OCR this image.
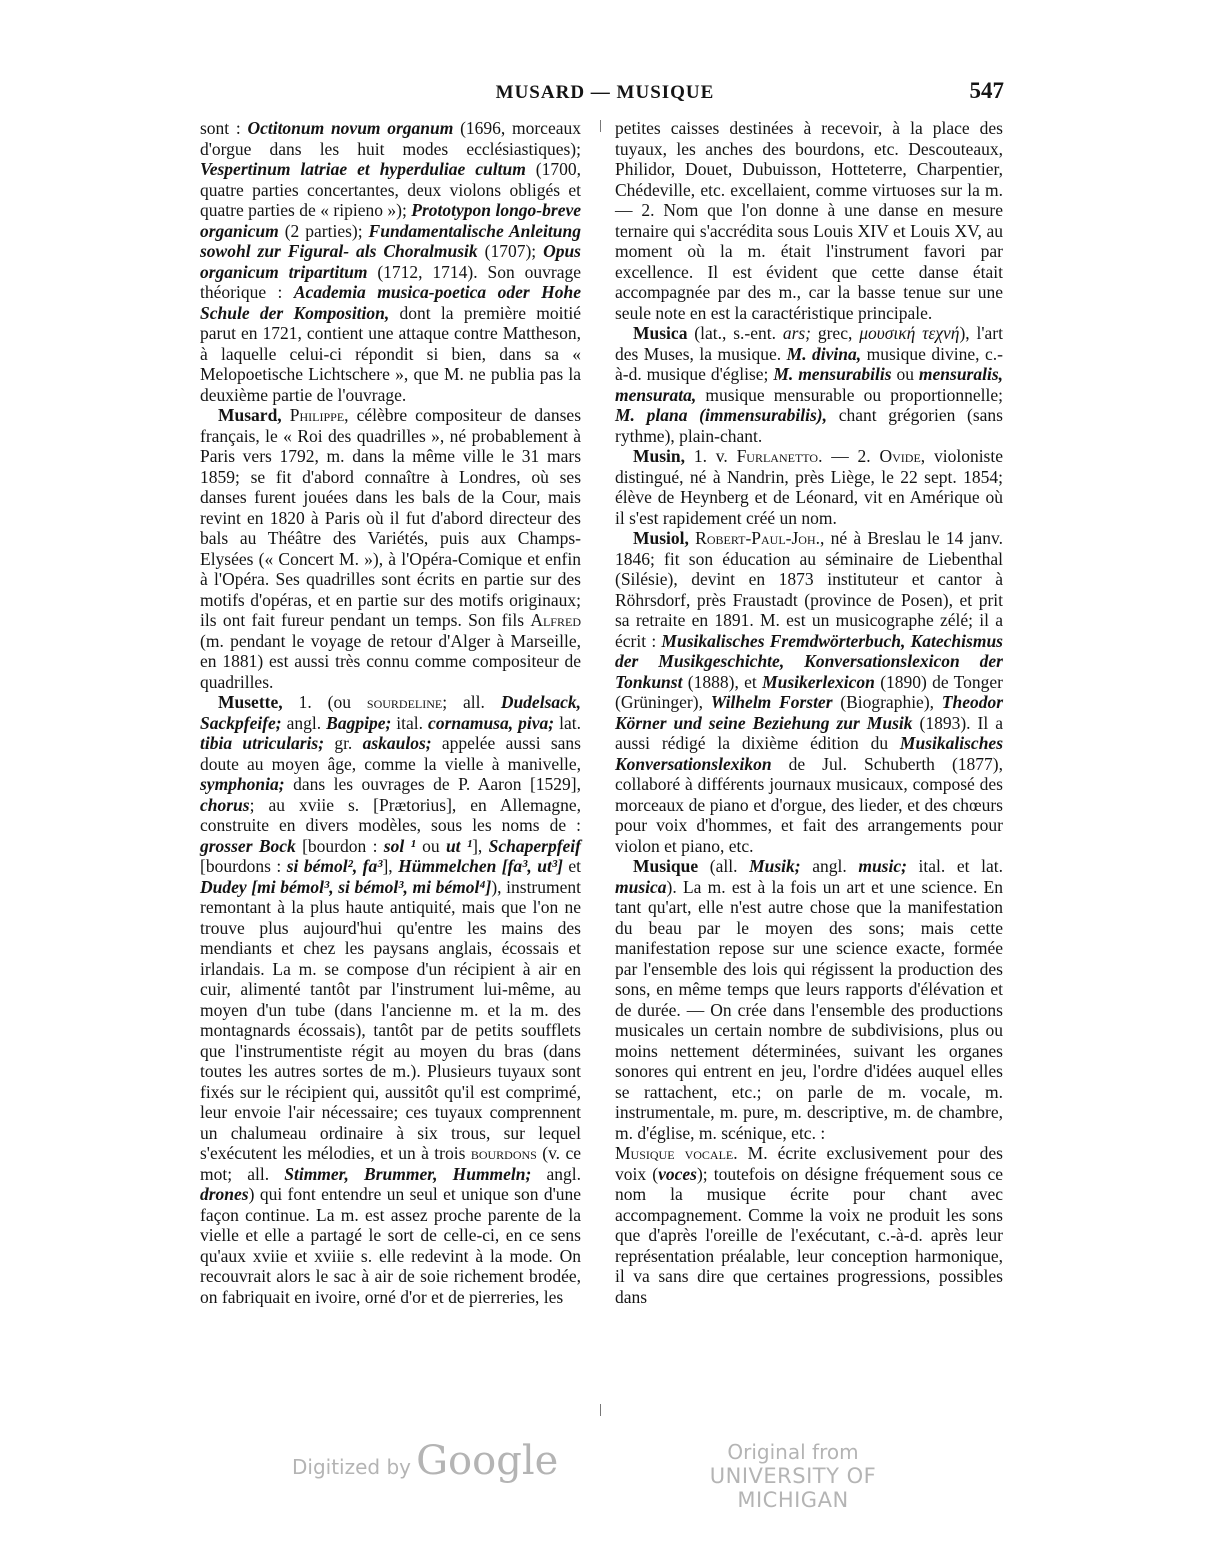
MUSARD — MUSIQUE	547

sont : Octitonum novum organum (1696, morceaux d'orgue dans les huit modes ecclésiastiques); Vespertinum latriae et hyperduliae cultum (1700, quatre parties concertantes, deux violons obligés et quatre parties de « ripieno »); Prototypon longo-breve organicum (2 parties); Fundamentalische Anleitung sowohl zur Figural- als Choralmusik (1707); Opus organicum tripartitum (1712, 1714). Son ouvrage théorique : Academia musica-poetica oder Hohe Schule der Komposition, dont la première moitié parut en 1721, contient une attaque contre Mattheson, à laquelle celui-ci répondit si bien, dans sa « Melopoetische Lichtschere », que M. ne publia pas la deuxième partie de l'ouvrage.

Musard, Philippe, célèbre compositeur de danses français, le « Roi des quadrilles », né probablement à Paris vers 1792, m. dans la même ville le 31 mars 1859; se fit d'abord connaître à Londres, où ses danses furent jouées dans les bals de la Cour, mais revint en 1820 à Paris où il fut d'abord directeur des bals au Théâtre des Variétés, puis aux Champs-Elysées (« Concert M. »), à l'Opéra-Comique et enfin à l'Opéra. Ses quadrilles sont écrits en partie sur des motifs d'opéras, et en partie sur des motifs originaux; ils ont fait fureur pendant un temps. Son fils Alfred (m. pendant le voyage de retour d'Alger à Marseille, en 1881) est aussi très connu comme compositeur de quadrilles.

Musette, 1. (ou sourdeline; all. Dudelsack, Sackpfeife; angl. Bagpipe; ital. cornamusa, piva; lat. tibia utricularis; gr. askaulos; appelée aussi sans doute au moyen âge, comme la vielle à manivelle, symphonia; dans les ouvrages de P. Aaron [1529], chorus; au xviie s. [Prætorius], en Allemagne, construite en divers modèles, sous les noms de : grosser Bock [bourdon : sol ¹ ou ut ¹], Schaperpfeif [bourdons : si bémol², fa³], Hümmelchen [fa³, ut³] et Dudey [mi bémol³, si bémol³, mi bémol⁴]), instrument remontant à la plus haute antiquité, mais que l'on ne trouve plus aujourd'hui qu'entre les mains des mendiants et chez les paysans anglais, écossais et irlandais. La m. se compose d'un récipient à air en cuir, alimenté tantôt par l'instrument lui-même, au moyen d'un tube (dans l'ancienne m. et la m. des montagnards écossais), tantôt par de petits soufflets que l'instrumentiste régit au moyen du bras (dans toutes les autres sortes de m.). Plusieurs tuyaux sont fixés sur le récipient qui, aussitôt qu'il est comprimé, leur envoie l'air nécessaire; ces tuyaux comprennent un chalumeau ordinaire à six trous, sur lequel s'exécutent les mélodies, et un à trois bourdons (v. ce mot; all. Stimmer, Brummer, Hummeln; angl. drones) qui font entendre un seul et unique son d'une façon continue. La m. est assez proche parente de la vielle et elle a partagé le sort de celle-ci, en ce sens qu'aux xviie et xviiie s. elle redevint à la mode. On recouvrait alors le sac à air de soie richement brodée, on fabriquait en ivoire, orné d'or et de pierreries, les

petites caisses destinées à recevoir, à la place des tuyaux, les anches des bourdons, etc. Descouteaux, Philidor, Douet, Dubuisson, Hotteterre, Charpentier, Chédeville, etc. excellaient, comme virtuoses sur la m. — 2. Nom que l'on donne à une danse en mesure ternaire qui s'accrédita sous Louis XIV et Louis XV, au moment où la m. était l'instrument favori par excellence. Il est évident que cette danse était accompagnée par des m., car la basse tenue sur une seule note en est la caractéristique principale.

Musica (lat., s.-ent. ars; grec, μουσική τεχνή), l'art des Muses, la musique. M. divina, musique divine, c.-à-d. musique d'église; M. mensurabilis ou mensuralis, mensurata, musique mensurable ou proportionnelle; M. plana (immensurabilis), chant grégorien (sans rythme), plain-chant.

Musin, 1. v. Furlanetto. — 2. Ovide, violoniste distingué, né à Nandrin, près Liège, le 22 sept. 1854; élève de Heynberg et de Léonard, vit en Amérique où il s'est rapidement créé un nom.

Musiol, Robert-Paul-Joh., né à Breslau le 14 janv. 1846; fit son éducation au séminaire de Liebenthal (Silésie), devint en 1873 instituteur et cantor à Röhrsdorf, près Fraustadt (province de Posen), et prit sa retraite en 1891. M. est un musicographe zélé; il a écrit : Musikalisches Fremdwörterbuch, Katechismus der Musikgeschichte, Konversationslexicon der Tonkunst (1888), et Musikerlexicon (1890) de Tonger (Grüninger), Wilhelm Forster (Biographie), Theodor Körner und seine Beziehung zur Musik (1893). Il a aussi rédigé la dixième édition du Musikalisches Konversationslexikon de Jul. Schuberth (1877), collaboré à différents journaux musicaux, composé des morceaux de piano et d'orgue, des lieder, et des chœurs pour voix d'hommes, et fait des arrangements pour violon et piano, etc.

Musique (all. Musik; angl. music; ital. et lat. musica). La m. est à la fois un art et une science. En tant qu'art, elle n'est autre chose que la manifestation du beau par le moyen des sons; mais cette manifestation repose sur une science exacte, formée par l'ensemble des lois qui régissent la production des sons, en même temps que leurs rapports d'élévation et de durée. — On crée dans l'ensemble des productions musicales un certain nombre de subdivisions, plus ou moins nettement déterminées, suivant les organes sonores qui entrent en jeu, l'ordre d'idées auquel elles se rattachent, etc.; on parle de m. vocale, m. instrumentale, m. pure, m. descriptive, m. de chambre, m. d'église, m. scénique, etc. :

Musique vocale. M. écrite exclusivement pour des voix (voces); toutefois on désigne fréquement sous ce nom la musique écrite pour chant avec accompagnement. Comme la voix ne produit les sons que d'après l'oreille de l'exécutant, c.-à-d. après leur représentation préalable, leur conception harmonique, il va sans dire que certaines progressions, possibles dans

Digitized by Google	Original from
UNIVERSITY OF MICHIGAN
